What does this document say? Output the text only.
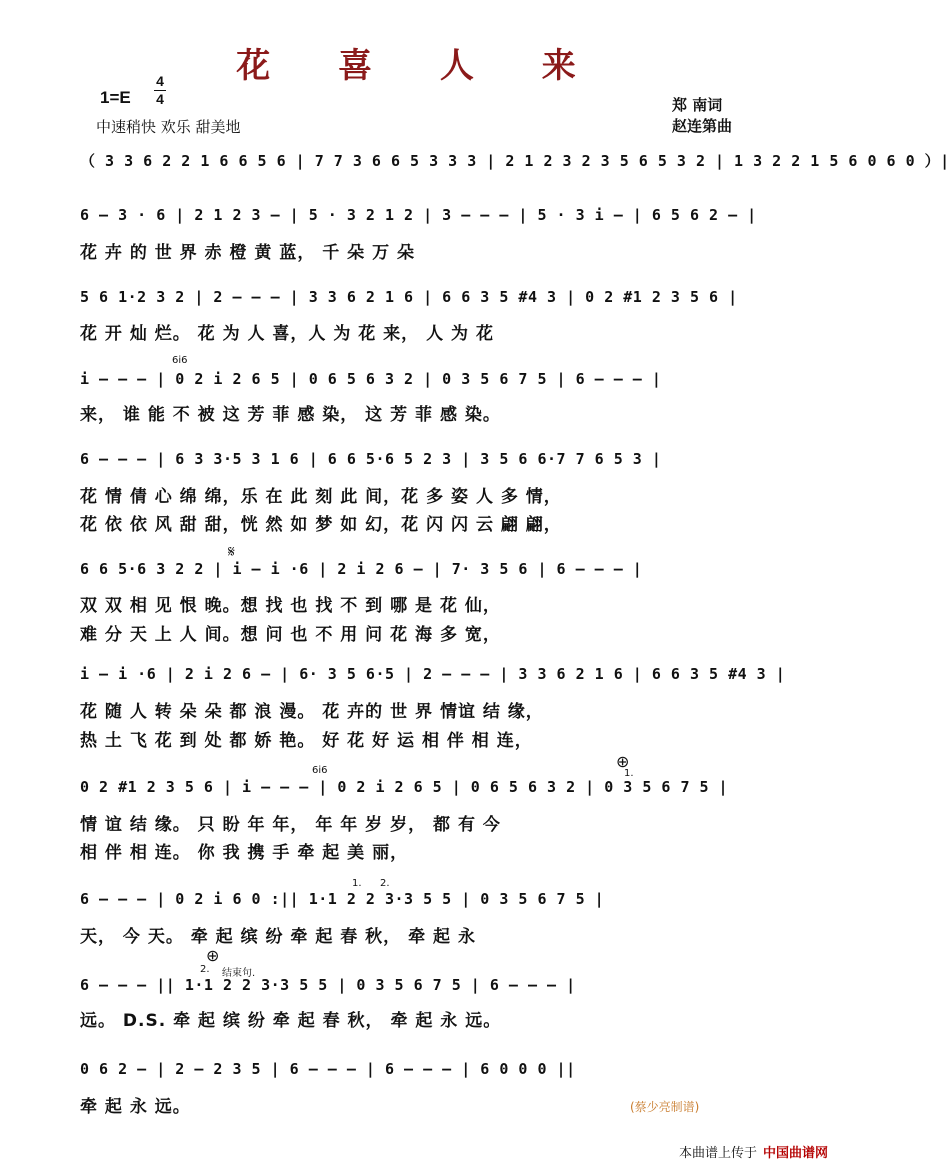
花 喜 人 来
1=E
4
4
中速稍快 欢乐 甜美地
郑 南词
赵连第曲
（ 3 3 6 2 2 1 6 6 5 6 | 7 7 3 6 6 5 3 3 3 | 2 1 2 3 2 3 5 6 5 3 2 | 1 3 2 2 1 5 6 0 6 0 ）|
6 – 3 · 6 | 2 1 2 3 – | 5 · 3 2 1 2 | 3 – – – | 5 · 3 i – | 6 5 6 2 – |
花 卉 的 世 界 赤 橙 黄 蓝， 千 朵 万 朵
5 6 1·2 3 2 | 2 – – – | 3 3 6 2 1 6 | 6 6 3 5 #4 3 | 0 2 #1 2 3 5 6 |
花 开 灿 烂。 花 为 人 喜，人 为 花 来， 人 为 花
6i6
i – – – | 0 2 i 2 6 5 | 0 6 5 6 3 2 | 0 3 5 6 7 5 | 6 – – – |
来， 谁 能 不 被 这 芳 菲 感 染， 这 芳 菲 感 染。
6 – – – | 6 3 3·5 3 1 6 | 6 6 5·6 5 2 3 | 3 5 6 6·7 7 6 5 3 |
花 情 倩 心 绵 绵，乐 在 此 刻 此 间，花 多 姿 人 多 情，
花 依 依 风 甜 甜，恍 然 如 梦 如 幻，花 闪 闪 云 翩 翩，
𝄋
6 6 5·6 3 2 2 | i – i ·6 | 2 i 2 6 – | 7· 3 5 6 | 6 – – – |
双 双 相 见 恨 晚。想 找 也 找 不 到 哪 是 花 仙，
难 分 天 上 人 间。想 问 也 不 用 问 花 海 多 宽，
i – i ·6 | 2 i 2 6 – | 6· 3 5 6·5 | 2 – – – | 3 3 6 2 1 6 | 6 6 3 5 #4 3 |
花 随 人 转 朵 朵 都 浪 漫。 花 卉的 世 界 情谊 结 缘，
热 土 飞 花 到 处 都 娇 艳。 好 花 好 运 相 伴 相 连，
6i6	⊕
1.
0 2 #1 2 3 5 6 | i – – – | 0 2 i 2 6 5 | 0 6 5 6 3 2 | 0 3 5 6 7 5 |
情 谊 结 缘。 只 盼 年 年， 年 年 岁 岁， 都 有 今
相 伴 相 连。 你 我 携 手 牵 起 美 丽，
1. 2.
6 – – – | 0 2 i 6 0 :|| 1·1 2 2 3·3 5 5 | 0 3 5 6 7 5 |
天， 今 天。 牵 起 缤 纷 牵 起 春 秋， 牵 起 永
⊕
2. 结束句.
6 – – – || 1·1 2 2 3·3 5 5 | 0 3 5 6 7 5 | 6 – – – |
远。 D.S. 牵 起 缤 纷 牵 起 春 秋， 牵 起 永 远。
0 6 2 – | 2 – 2 3 5 | 6 – – – | 6 – – – | 6 0 0 0 ||
牵 起 永 远。	(蔡少亮制谱)
本曲谱上传于 中国曲谱网
